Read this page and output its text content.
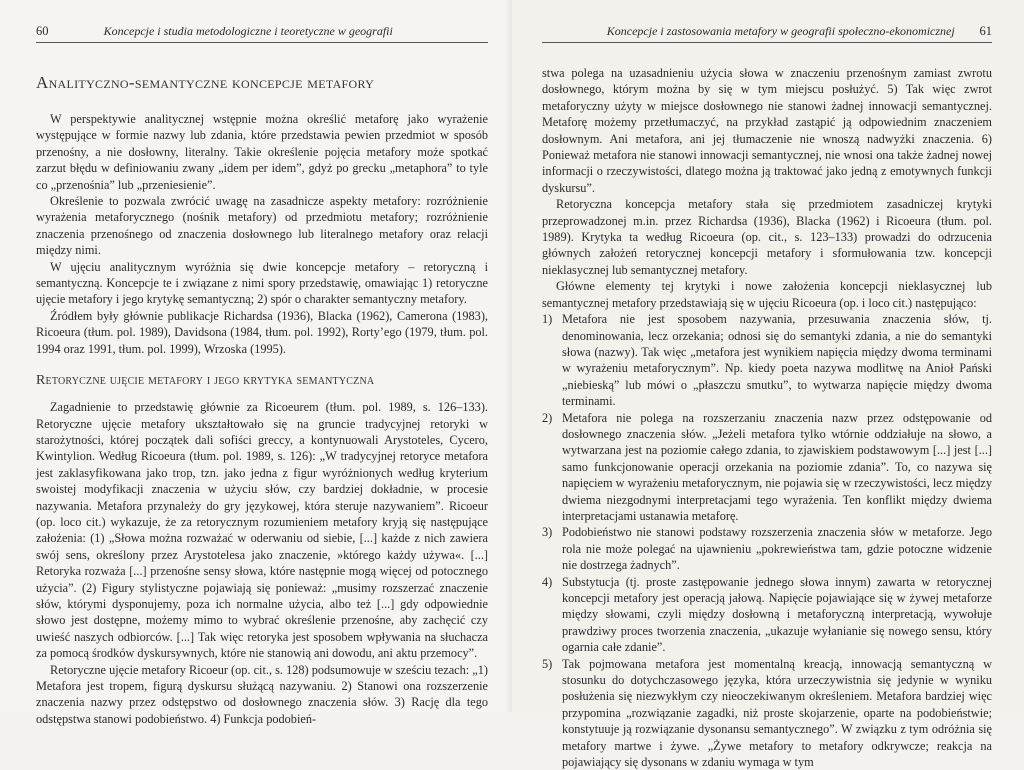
60	Koncepcje i studia metodologiczne i teoretyczne w geografii
Analityczno-semantyczne koncepcje metafory

W perspektywie analitycznej wstępnie można określić metaforę jako wyrażenie występujące w formie nazwy lub zdania, które przedstawia pewien przedmiot w sposób przenośny, a nie dosłowny, literalny. Takie określenie pojęcia metafory może spotkać zarzut błędu w definiowaniu zwany „idem per idem”, gdyż po grecku „metaphora” to tyle co „przenośnia” lub „przeniesienie”.

Określenie to pozwala zwrócić uwagę na zasadnicze aspekty metafory: rozróżnienie wyrażenia metaforycznego (nośnik metafory) od przedmiotu metafory; rozróżnienie znaczenia przenośnego od znaczenia dosłownego lub literalnego metafory oraz relacji między nimi.

W ujęciu analitycznym wyróżnia się dwie koncepcje metafory – retoryczną i semantyczną. Koncepcje te i związane z nimi spory przedstawię, omawiając 1) retoryczne ujęcie metafory i jego krytykę semantyczną; 2) spór o charakter semantyczny metafory.

Źródłem były głównie publikacje Richardsa (1936), Blacka (1962), Camerona (1983), Ricoeura (tłum. pol. 1989), Davidsona (1984, tłum. pol. 1992), Rorty’ego (1979, tłum. pol. 1994 oraz 1991, tłum. pol. 1999), Wrzoska (1995).

Retoryczne ujęcie metafory i jego krytyka semantyczna

Zagadnienie to przedstawię głównie za Ricoeurem (tłum. pol. 1989, s. 126–133). Retoryczne ujęcie metafory ukształtowało się na gruncie tradycyjnej retoryki w starożytności, której początek dali sofiści greccy, a kontynuowali Arystoteles, Cycero, Kwintylion. Według Ricoeura (tłum. pol. 1989, s. 126): „W tradycyjnej retoryce metafora jest zaklasyfikowana jako trop, tzn. jako jedna z figur wyróżnionych według kryterium swoistej modyfikacji znaczenia w użyciu słów, czy bardziej dokładnie, w procesie nazywania. Metafora przynależy do gry językowej, która steruje nazywaniem”. Ricoeur (op. loco cit.) wykazuje, że za retorycznym rozumieniem metafory kryją się następujące założenia: (1) „Słowa można rozważać w oderwaniu od siebie, [...] każde z nich zawiera swój sens, określony przez Arystotelesa jako znaczenie, »którego każdy używa«. [...] Retoryka rozważa [...] przenośne sensy słowa, które następnie mogą więcej od potocznego użycia”. (2) Figury stylistyczne pojawiają się ponieważ: „musimy rozszerzać znaczenie słów, którymi dysponujemy, poza ich normalne użycia, albo też [...] gdy odpowiednie słowo jest dostępne, możemy mimo to wybrać określenie przenośne, aby zachęcić czy uwieść naszych odbiorców. [...] Tak więc retoryka jest sposobem wpływania na słuchacza za pomocą środków dyskursywnych, które nie stanowią ani dowodu, ani aktu przemocy”.

Retoryczne ujęcie metafory Ricoeur (op. cit., s. 128) podsumowuje w sześciu tezach: „1) Metafora jest tropem, figurą dyskursu służącą nazywaniu. 2) Stanowi ona rozszerzenie znaczenia nazwy przez odstępstwo od dosłownego znaczenia słów. 3) Rację dla tego odstępstwa stanowi podobieństwo. 4) Funkcja podobień-

Koncepcje i zastosowania metafory w geografii społeczno-ekonomicznej 61

stwa polega na uzasadnieniu użycia słowa w znaczeniu przenośnym zamiast zwrotu dosłownego, którym można by się w tym miejscu posłużyć. 5) Tak więc zwrot metaforyczny użyty w miejsce dosłownego nie stanowi żadnej innowacji semantycznej. Metaforę możemy przetłumaczyć, na przykład zastąpić ją odpowiednim znaczeniem dosłownym. Ani metafora, ani jej tłumaczenie nie wnoszą nadwyżki znaczenia. 6) Ponieważ metafora nie stanowi innowacji semantycznej, nie wnosi ona także żadnej nowej informacji o rzeczywistości, dlatego można ją traktować jako jedną z emotywnych funkcji dyskursu”.

Retoryczna koncepcja metafory stała się przedmiotem zasadniczej krytyki przeprowadzonej m.in. przez Richardsa (1936), Blacka (1962) i Ricoeura (tłum. pol. 1989). Krytyka ta według Ricoeura (op. cit., s. 123–133) prowadzi do odrzucenia głównych założeń retorycznej koncepcji metafory i sformułowania tzw. koncepcji nieklasycznej lub semantycznej metafory.

Główne elementy tej krytyki i nowe założenia koncepcji nieklasycznej lub semantycznej metafory przedstawiają się w ujęciu Ricoeura (op. i loco cit.) następująco:

1) Metafora nie jest sposobem nazywania, przesuwania znaczenia słów, tj. denominowania, lecz orzekania; odnosi się do semantyki zdania, a nie do semantyki słowa (nazwy). Tak więc „metafora jest wynikiem napięcia między dwoma terminami w wyrażeniu metaforycznym”. Np. kiedy poeta nazywa modlitwę na Anioł Pański „niebieską” lub mówi o „płaszczu smutku”, to wytwarza napięcie między dwoma terminami.
2) Metafora nie polega na rozszerzaniu znaczenia nazw przez odstępowanie od dosłownego znaczenia słów. „Jeżeli metafora tylko wtórnie oddziałuje na słowo, a wytwarzana jest na poziomie całego zdania, to zjawiskiem podstawowym [...] jest [...] samo funkcjonowanie operacji orzekania na poziomie zdania”. To, co nazywa się napięciem w wyrażeniu metaforycznym, nie pojawia się w rzeczywistości, lecz między dwiema niezgodnymi interpretacjami tego wyrażenia. Ten konflikt między dwiema interpretacjami ustanawia metaforę.
3) Podobieństwo nie stanowi podstawy rozszerzenia znaczenia słów w metaforze. Jego rola nie może polegać na ujawnieniu „pokrewieństwa tam, gdzie potoczne widzenie nie dostrzega żadnych”.
4) Substytucja (tj. proste zastępowanie jednego słowa innym) zawarta w retorycznej koncepcji metafory jest operacją jałową. Napięcie pojawiające się w żywej metaforze między słowami, czyli między dosłowną i metaforyczną interpretacją, wywołuje prawdziwy proces tworzenia znaczenia, „ukazuje wyłanianie się nowego sensu, który ogarnia całe zdanie”.
5) Tak pojmowana metafora jest momentalną kreacją, innowacją semantyczną w stosunku do dotychczasowego języka, która urzeczywistnia się jedynie w wyniku posłużenia się niezwykłym czy nieoczekiwanym określeniem. Metafora bardziej więc przypomina „rozwiązanie zagadki, niż proste skojarzenie, oparte na podobieństwie; konstytuuje ją rozwiązanie dysonansu semantycznego”. W związku z tym odróżnia się metafory martwe i żywe. „Żywe metafory to metafory odkrywcze; reakcja na pojawiający się dysonans w zdaniu wymaga w tym
